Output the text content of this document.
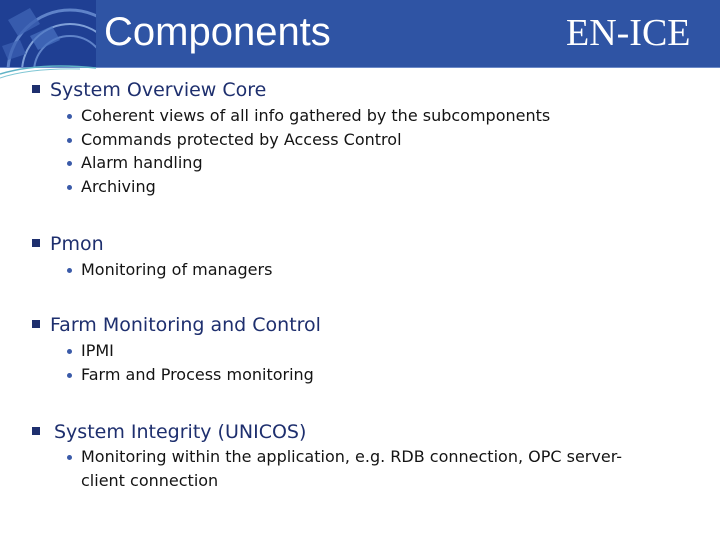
Components	EN-ICE
System Overview Core
Coherent views of all info gathered by the subcomponents
Commands protected by Access Control
Alarm handling
Archiving
Pmon
Monitoring of managers
Farm Monitoring and Control
IPMI
Farm and Process monitoring
System Integrity (UNICOS)
Monitoring within the application, e.g. RDB connection, OPC server-
client connection
